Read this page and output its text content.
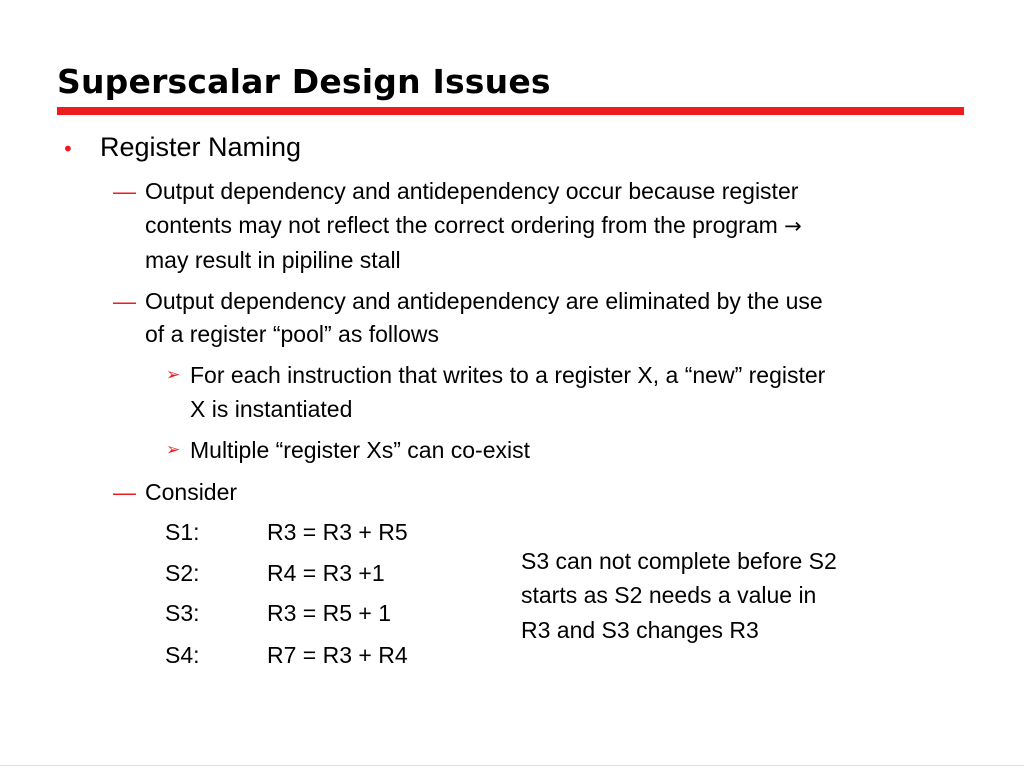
Superscalar Design Issues
• Register Naming

— Output dependency and antidependency occur because register

contents may not reflect the correct ordering from the program →

may result in pipiline stall

— Output dependency and antidependency are eliminated by the use

of a register “pool” as follows

➢ For each instruction that writes to a register X, a “new” register

X is instantiated

➢ Multiple “register Xs” can co-exist

— Consider

S1:	R3 = R3 + R5

S2:	R4 = R3 +1

S3:	R3 = R5 + 1

S4:	R7 = R3 + R4

S3 can not complete before S2

starts as S2 needs a value in

R3 and S3 changes R3
